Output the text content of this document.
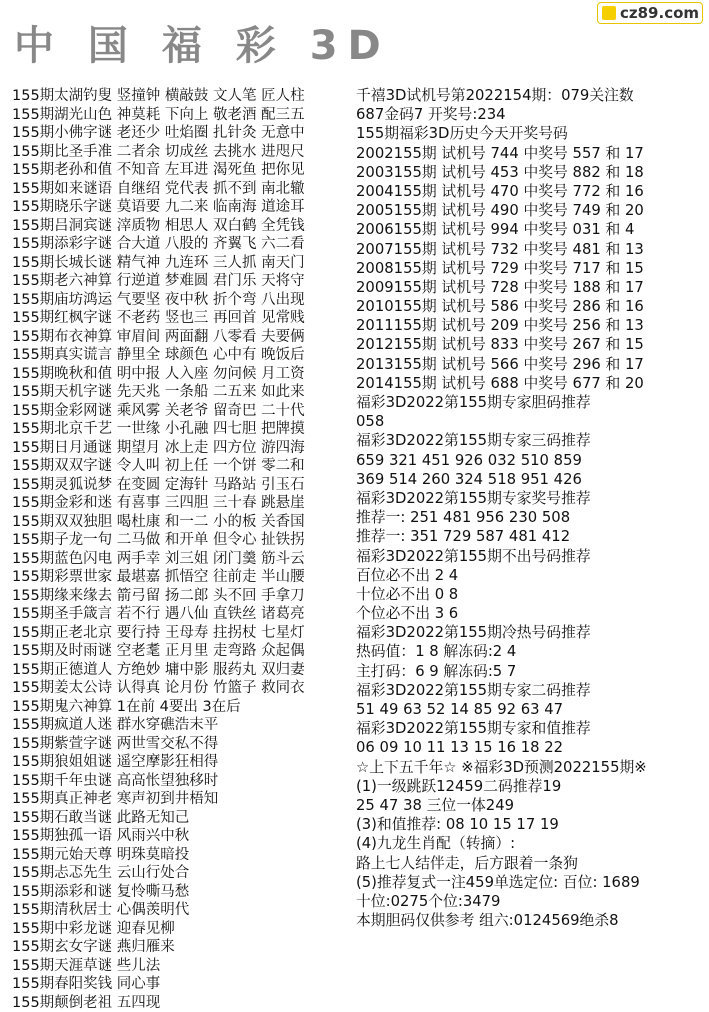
cz89.com
中 国 福 彩 3D
155期太湖钓叟 竖撞钟 横敲鼓 文人笔 匠人柱
155期湖光山色 神莫耗 下向上 敬老酒 配三五
155期小佛字谜 老还少 吐焰圈 扎针灸 无意中
155期比圣手准 二者余 切成丝 去挑水 进咫尺
155期老孙和值 不知音 左耳进 渴死鱼 把你见
155期如来谜语 自继绍 党代表 抓不到 南北辙
155期晓乐字谜 莫语要 九二来 临南海 道途耳
155期吕洞宾谜 滓质物 相思人 双白鹤 全凭钱
155期添彩字谜 合大道 八股的 齐翼飞 六二看
155期长城长谜 精气神 九连环 三人抓 南天门
155期老六神算 行逆道 梦难圆 君门乐 天将守
155期庙坊鸿运 气要坚 夜中秋 折个弯 八出现
155期红枫字谜 不老药 竖也三 再回首 见常贱
155期布衣神算 审眉间 两面翻 八零看 夫要俩
155期真实谎言 静里全 球颜色 心中有 晚饭后
155期晚秋和值 明中报 人入座 勿问候 月工资
155期天机字谜 先天兆 一条船 二五来 如此来
155期金彩网谜 乘风雾 关老爷 留奇巴 二十代
155期北京千艺 一世缘 小孔融 四七胆 把牌摸
155期日月通谜 期望月 冰上走 四方位 游四海
155期双双字谜 令人叫 初上任 一个饼 零二和
155期灵狐说梦 在变圆 定海针 马路站 引玉石
155期金彩和迷 有喜事 三四胆 三十春 跳悬崖
155期双双独胆 喝杜康 和一二 小的板 关香国
155期子龙一句 二马做 和开单 但令心 扯铁拐
155期蓝色闪电 两手幸 刘三姐 闭门羹 筋斗云
155期彩票世家 最堪嘉 抓悟空 往前走 半山腰
155期缘来缘去 箭弓留 扬二郎 头不回 手拿刀
155期圣手箴言 若不行 遇八仙 直铁丝 诸葛亮
155期正老北京 要行持 王母寿 拄拐杖 七星灯
155期及时雨谜 空老耄 正月里 走弯路 众起偶
155期正德道人 方绝妙 墉中影 服药丸 双归妻
155期姜太公诗 认得真 论月份 竹篮子 救同衣
155期鬼六神算 1在前 4要出 3在后
155期疯道人迷 群水穿礁浩末平
155期紫萱字谜 两世雪交私不得
155期狼姐姐谜 遥空摩影狂相得
155期千年虫谜 高高怅望独移时
155期真正神老 寒声初到井梧知
155期石敢当谜 此路无知己
155期独孤一语 风雨兴中秋
155期元始天尊 明珠莫暗投
155期忐忑先生 云山行处合
155期添彩和谜 复怜嘶马愁
155期清秋居士 心偶羡明代
155期中彩龙谜 迎春见柳
155期玄女字谜 燕归雁来
155期天涯草谜 些儿法
155期春阳奖钱 同心事
155期颠倒老祖 五四现
千禧3D试机号第2022154期：079关注数
687金码7 开奖号:234
155期福彩3D历史今天开奖号码
2002155期 试机号 744 中奖号 557 和 17
2003155期 试机号 453 中奖号 882 和 18
2004155期 试机号 470 中奖号 772 和 16
2005155期 试机号 490 中奖号 749 和 20
2006155期 试机号 994 中奖号 031 和 4
2007155期 试机号 732 中奖号 481 和 13
2008155期 试机号 729 中奖号 717 和 15
2009155期 试机号 728 中奖号 188 和 17
2010155期 试机号 586 中奖号 286 和 16
2011155期 试机号 209 中奖号 256 和 13
2012155期 试机号 833 中奖号 267 和 15
2013155期 试机号 566 中奖号 296 和 17
2014155期 试机号 688 中奖号 677 和 20
福彩3D2022第155期专家胆码推荐
058
福彩3D2022第155期专家三码推荐
659 321 451 926 032 510 859
369 514 260 324 518 951 426
福彩3D2022第155期专家奖号推荐
推荐一: 251 481 956 230 508
推荐一: 351 729 587 481 412
福彩3D2022第155期不出号码推荐
百位必不出 2 4
十位必不出 0 8
个位必不出 3 6
福彩3D2022第155期冷热号码推荐
热码值：1 8 解冻码:2 4
主打码：6 9 解冻码:5 7
福彩3D2022第155期专家二码推荐
51 49 63 52 14 85 92 63 47
福彩3D2022第155期专家和值推荐
06 09 10 11 13 15 16 18 22
☆上下五千年☆ ※福彩3D预测2022155期※
(1)一级跳跃12459二码推荐19
25 47 38 三位一体249
(3)和值推荐: 08 10 15 17 19
(4)九龙生肖配（转摘）:
路上七人结伴走，后方跟着一条狗
(5)推荐复式一注459单选定位: 百位: 1689
十位:0275个位:3479
本期胆码仅供参考 组六:0124569绝杀8
